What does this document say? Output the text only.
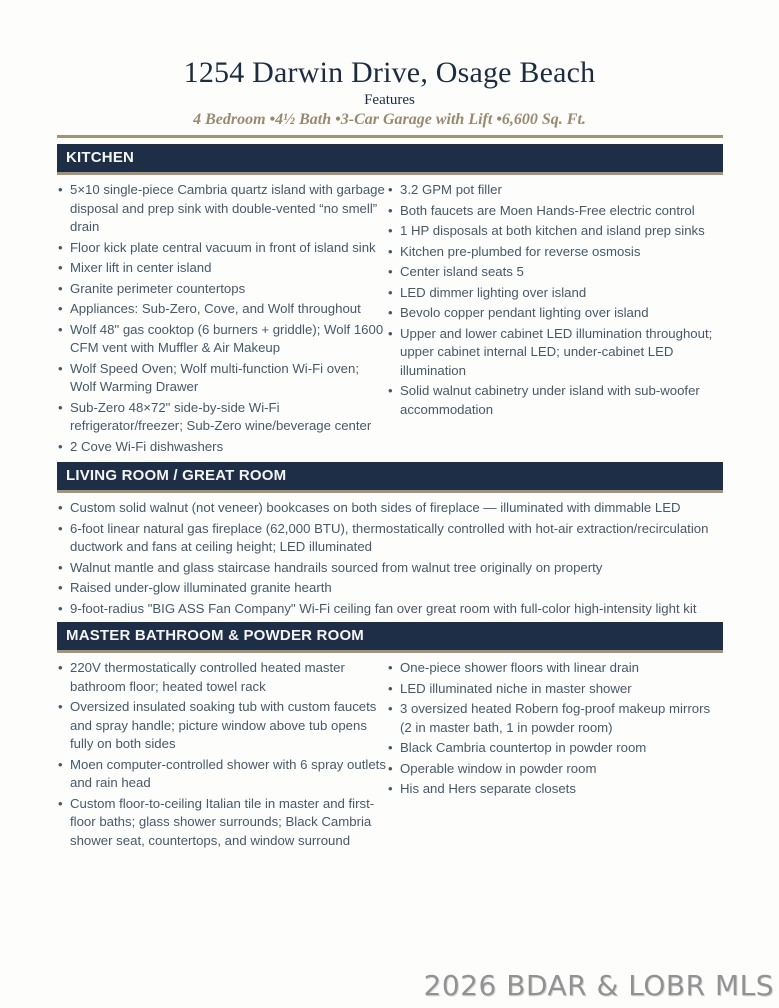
1254 Darwin Drive, Osage Beach
Features
4 Bedroom •4½ Bath •3-Car Garage with Lift •6,600 Sq. Ft.
KITCHEN
• 5×10 single-piece Cambria quartz island with garbage disposal and prep sink with double-vented “no smell” drain
• Floor kick plate central vacuum in front of island sink
• Mixer lift in center island
• Granite perimeter countertops
• Appliances: Sub-Zero, Cove, and Wolf throughout
• Wolf 48" gas cooktop (6 burners + griddle); Wolf 1600 CFM vent with Muffler & Air Makeup
• Wolf Speed Oven; Wolf multi-function Wi-Fi oven; Wolf Warming Drawer
• Sub-Zero 48×72" side-by-side Wi-Fi refrigerator/freezer; Sub-Zero wine/beverage center
• 2 Cove Wi-Fi dishwashers
• 3.2 GPM pot filler
• Both faucets are Moen Hands-Free electric control
• 1 HP disposals at both kitchen and island prep sinks
• Kitchen pre-plumbed for reverse osmosis
• Center island seats 5
• LED dimmer lighting over island
• Bevolo copper pendant lighting over island
• Upper and lower cabinet LED illumination throughout; upper cabinet internal LED; under-cabinet LED illumination
• Solid walnut cabinetry under island with sub-woofer accommodation
LIVING ROOM / GREAT ROOM
• Custom solid walnut (not veneer) bookcases on both sides of fireplace — illuminated with dimmable LED
• 6-foot linear natural gas fireplace (62,000 BTU), thermostatically controlled with hot-air extraction/recirculation ductwork and fans at ceiling height; LED illuminated
• Walnut mantle and glass staircase handrails sourced from walnut tree originally on property
• Raised under-glow illuminated granite hearth
• 9-foot-radius "BIG ASS Fan Company" Wi-Fi ceiling fan over great room with full-color high-intensity light kit
MASTER BATHROOM & POWDER ROOM
• 220V thermostatically controlled heated master bathroom floor; heated towel rack
• Oversized insulated soaking tub with custom faucets and spray handle; picture window above tub opens fully on both sides
• Moen computer-controlled shower with 6 spray outlets and rain head
• Custom floor-to-ceiling Italian tile in master and first-floor baths; glass shower surrounds; Black Cambria shower seat, countertops, and window surround
• One-piece shower floors with linear drain
• LED illuminated niche in master shower
• 3 oversized heated Robern fog-proof makeup mirrors (2 in master bath, 1 in powder room)
• Black Cambria countertop in powder room
• Operable window in powder room
• His and Hers separate closets
2026 BDAR & LOBR MLS
